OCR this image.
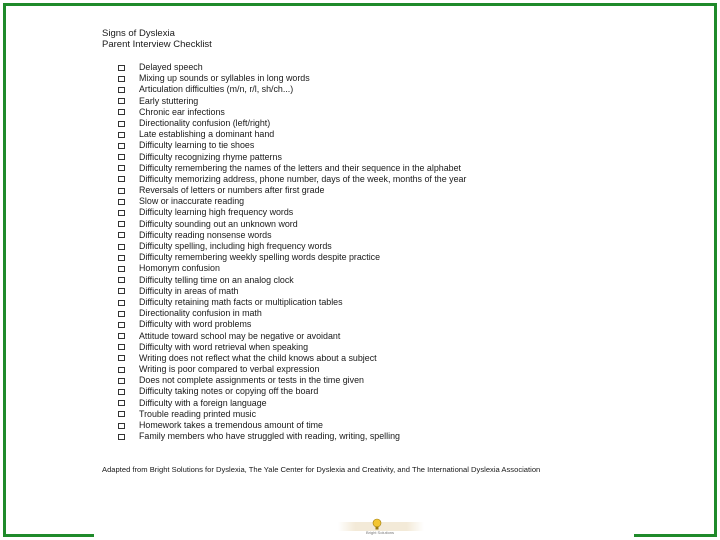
Signs of Dyslexia
Parent Interview Checklist
Delayed speech
Mixing up sounds or syllables in long words
Articulation difficulties (m/n, r/l, sh/ch...)
Early stuttering
Chronic ear infections
Directionality confusion (left/right)
Late establishing a dominant hand
Difficulty learning to tie shoes
Difficulty recognizing rhyme patterns
Difficulty remembering the names of the letters and their sequence in the alphabet
Difficulty memorizing address, phone number, days of the week, months of the year
Reversals of letters or numbers after first grade
Slow or inaccurate reading
Difficulty learning high frequency words
Difficulty sounding out an unknown word
Difficulty reading nonsense words
Difficulty spelling, including high frequency words
Difficulty remembering weekly spelling words despite practice
Homonym confusion
Difficulty telling time on an analog clock
Difficulty in areas of math
Difficulty retaining math facts or multiplication tables
Directionality confusion in math
Difficulty with word problems
Attitude toward school may be negative or avoidant
Difficulty with word retrieval when speaking
Writing does not reflect what the child knows about a subject
Writing is poor compared to verbal expression
Does not complete assignments or tests in the time given
Difficulty taking notes or copying off the board
Difficulty with a foreign language
Trouble reading printed music
Homework takes a tremendous amount of time
Family members who have struggled with reading, writing, spelling
Adapted from Bright Solutions for Dyslexia, The Yale Center for Dyslexia and Creativity, and The International Dyslexia Association
Bright Solutions
